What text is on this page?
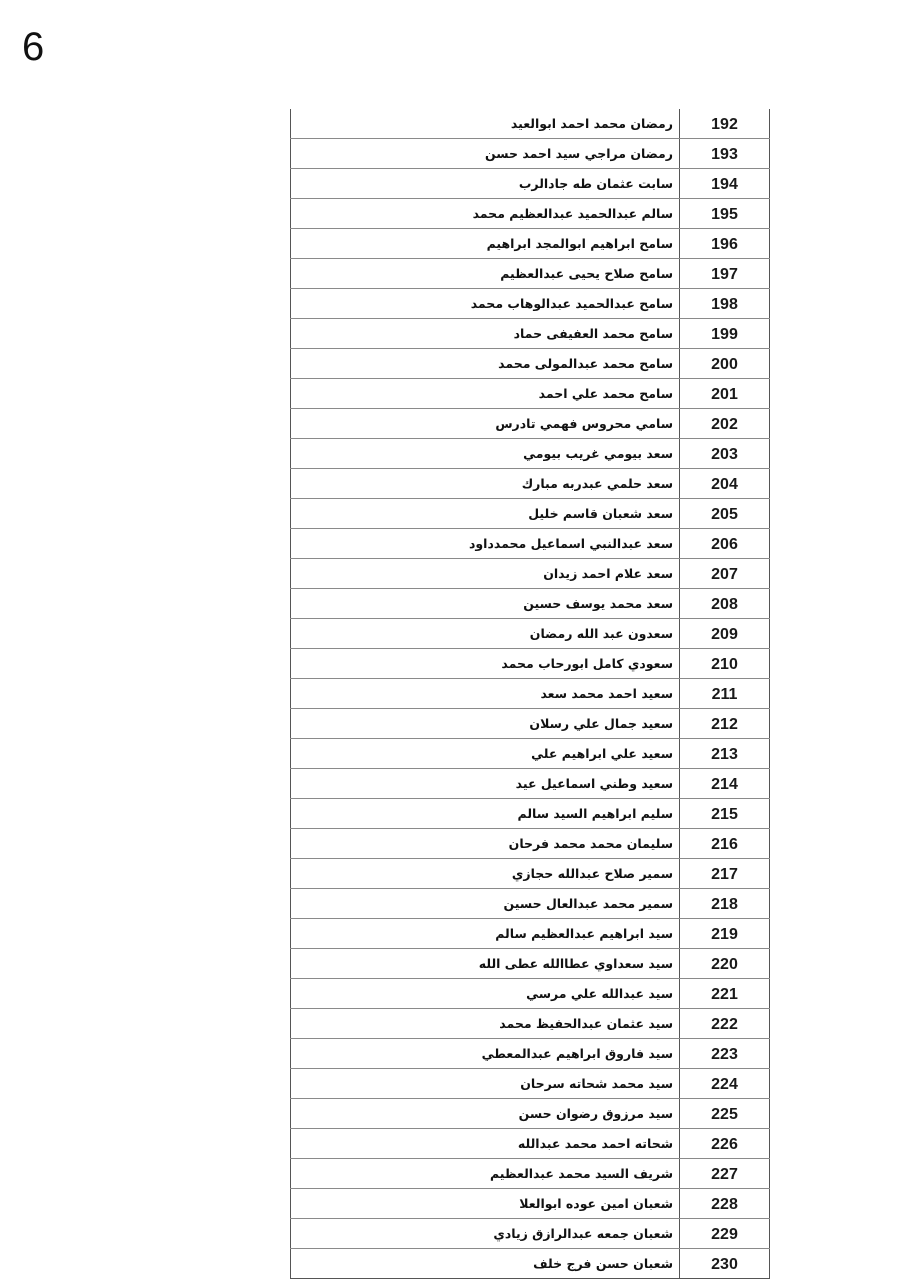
6
192	رمضان محمد احمد ابوالعيد
193	رمضان مراجي سيد احمد حسن
194	سابت عثمان طه جادالرب
195	سالم عبدالحميد عبدالعظيم محمد
196	سامح ابراهيم ابوالمجد ابراهيم
197	سامح صلاح يحيى عبدالعظيم
198	سامح عبدالحميد عبدالوهاب محمد
199	سامح محمد العفيفى حماد
200	سامح محمد عبدالمولى محمد
201	سامح محمد علي احمد
202	سامي محروس فهمي تادرس
203	سعد بيومي غريب بيومي
204	سعد حلمي عبدربه مبارك
205	سعد شعبان قاسم خليل
206	سعد عبدالنبي اسماعيل محمدداود
207	سعد علام احمد زيدان
208	سعد محمد يوسف حسين
209	سعدون عبد الله رمضان
210	سعودي كامل ابورحاب محمد
211	سعيد احمد محمد سعد
212	سعيد جمال علي رسلان
213	سعيد علي ابراهيم علي
214	سعيد وطني اسماعيل عيد
215	سليم ابراهيم السيد سالم
216	سليمان محمد محمد فرحان
217	سمير صلاح عبدالله حجازي
218	سمير محمد عبدالعال حسين
219	سيد ابراهيم عبدالعظيم سالم
220	سيد سعداوي عطاالله عطى الله
221	سيد عبدالله علي مرسي
222	سيد عثمان عبدالحفيظ محمد
223	سيد فاروق ابراهيم عبدالمعطي
224	سيد محمد شحاته سرحان
225	سيد مرزوق رضوان حسن
226	شحاته احمد محمد عبدالله
227	شريف السيد محمد عبدالعظيم
228	شعبان امين عوده ابوالعلا
229	شعبان جمعه عبدالرازق زيادي
230	شعبان حسن فرج خلف
